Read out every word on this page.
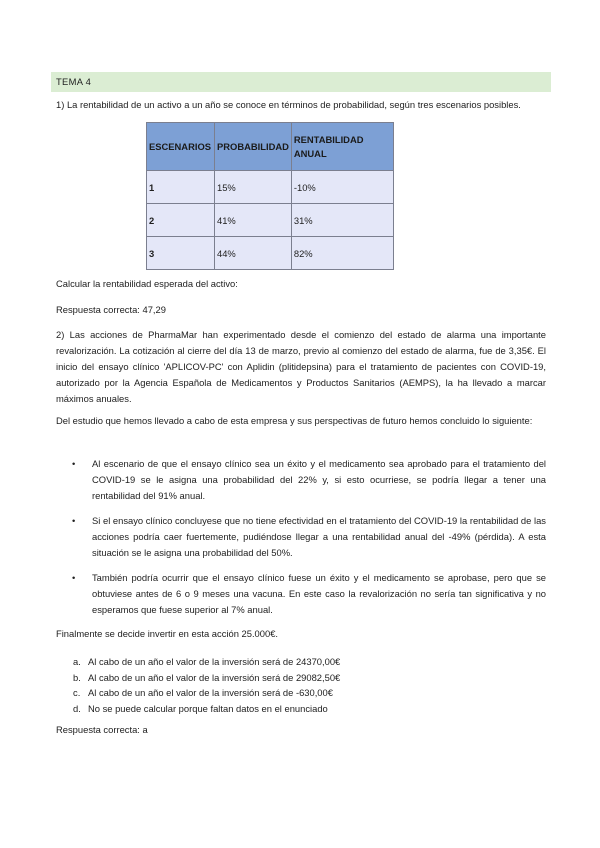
TEMA 4

1) La rentabilidad de un activo a un año se conoce en términos de probabilidad, según tres escenarios posibles.

ESCENARIOS	PROBABILIDAD	RENTABILIDAD ANUAL
1	15%	-10%
2	41%	31%
3	44%	82%

Calcular la rentabilidad esperada del activo:

Respuesta correcta: 47,29

2) Las acciones de PharmaMar han experimentado desde el comienzo del estado de alarma una importante revalorización. La cotización al cierre del día 13 de marzo, previo al comienzo del estado de alarma, fue de 3,35€. El inicio del ensayo clínico 'APLICOV-PC' con Aplidin (plitidepsina) para el tratamiento de pacientes con COVID-19, autorizado por la Agencia Española de Medicamentos y Productos Sanitarios (AEMPS), la ha llevado a marcar máximos anuales.

Del estudio que hemos llevado a cabo de esta empresa y sus perspectivas de futuro hemos concluido lo siguiente:

• Al escenario de que el ensayo clínico sea un éxito y el medicamento sea aprobado para el tratamiento del COVID-19 se le asigna una probabilidad del 22% y, si esto ocurriese, se podría llegar a tener una rentabilidad del 91% anual.
• Si el ensayo clínico concluyese que no tiene efectividad en el tratamiento del COVID-19 la rentabilidad de las acciones podría caer fuertemente, pudiéndose llegar a una rentabilidad anual del -49% (pérdida). A esta situación se le asigna una probabilidad del 50%.
• También podría ocurrir que el ensayo clínico fuese un éxito y el medicamento se aprobase, pero que se obtuviese antes de 6 o 9 meses una vacuna. En este caso la revalorización no sería tan significativa y no esperamos que fuese superior al 7% anual.

Finalmente se decide invertir en esta acción 25.000€.

a. Al cabo de un año el valor de la inversión será de 24370,00€
b. Al cabo de un año el valor de la inversión será de 29082,50€
c. Al cabo de un año el valor de la inversión será de -630,00€
d. No se puede calcular porque faltan datos en el enunciado

Respuesta correcta: a
